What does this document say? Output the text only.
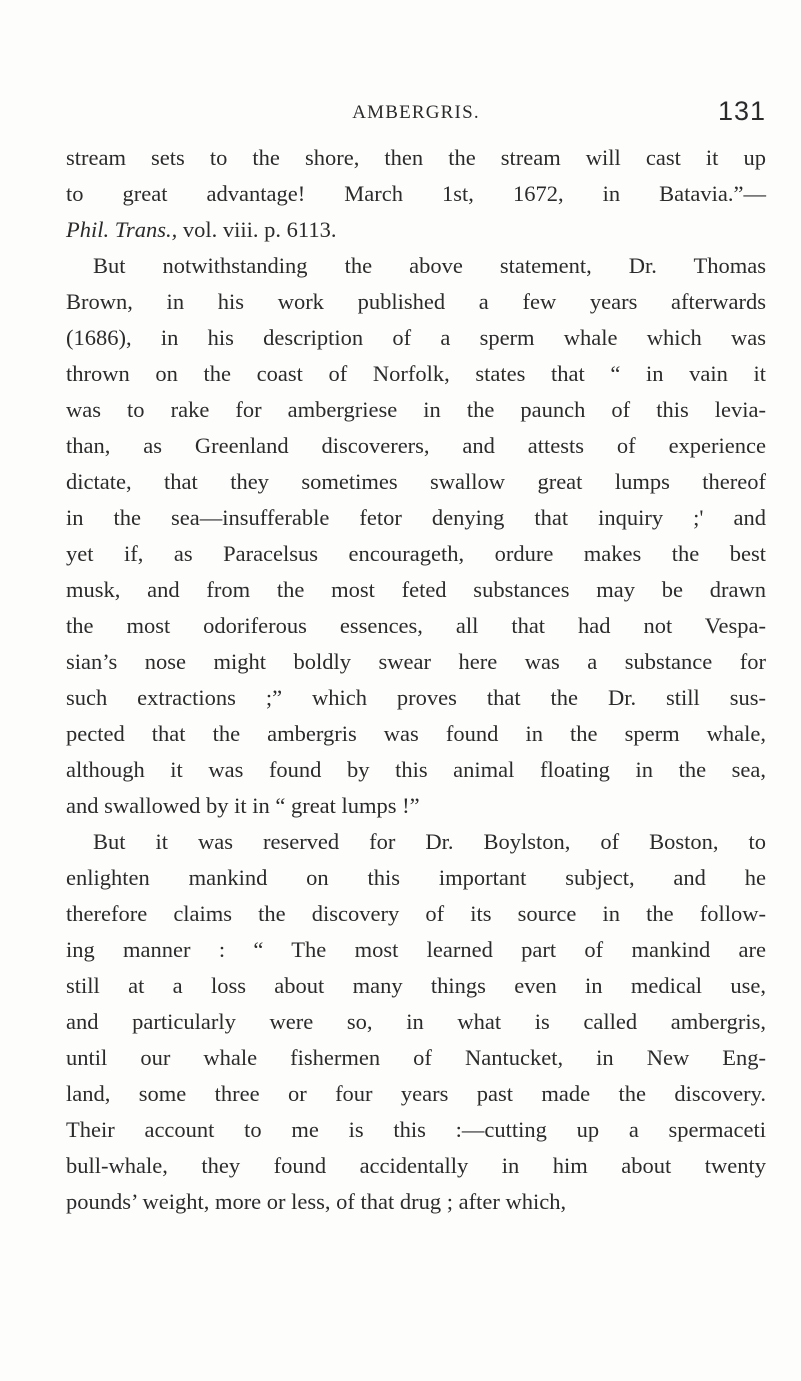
AMBERGRIS.	131
stream sets to the shore, then the stream will cast it up
to great advantage! March 1st, 1672, in Batavia.”—
Phil. Trans., vol. viii. p. 6113.
But notwithstanding the above statement, Dr. Thomas
Brown, in his work published a few years afterwards
(1686), in his description of a sperm whale which was
thrown on the coast of Norfolk, states that “ in vain it
was to rake for ambergriese in the paunch of this levia-
than, as Greenland discoverers, and attests of experience
dictate, that they sometimes swallow great lumps thereof
in the sea—insufferable fetor denying that inquiry ;' and
yet if, as Paracelsus encourageth, ordure makes the best
musk, and from the most feted substances may be drawn
the most odoriferous essences, all that had not Vespa-
sian’s nose might boldly swear here was a substance for
such extractions ;” which proves that the Dr. still sus-
pected that the ambergris was found in the sperm whale,
although it was found by this animal floating in the sea,
and swallowed by it in “ great lumps !”
But it was reserved for Dr. Boylston, of Boston, to
enlighten mankind on this important subject, and he
therefore claims the discovery of its source in the follow-
ing manner : “ The most learned part of mankind are
still at a loss about many things even in medical use,
and particularly were so, in what is called ambergris,
until our whale fishermen of Nantucket, in New Eng-
land, some three or four years past made the discovery.
Their account to me is this :—cutting up a spermaceti
bull-whale, they found accidentally in him about twenty
pounds’ weight, more or less, of that drug ; after which,
